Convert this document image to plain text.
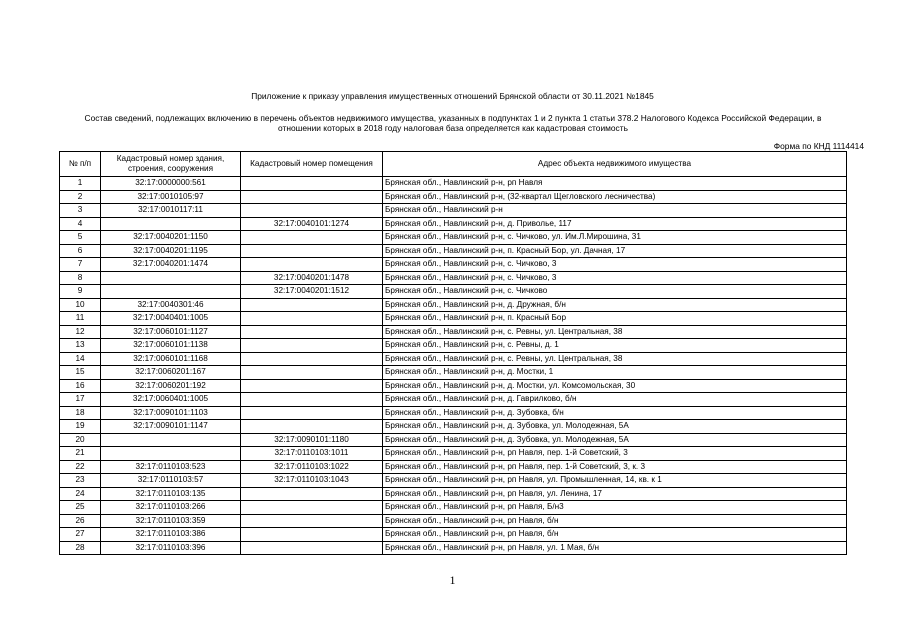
Приложение к приказу управления имущественных отношений Брянской области от 30.11.2021 №1845
Состав сведений, подлежащих включению в перечень объектов недвижимого имущества, указанных в подпунктах 1 и 2 пункта 1 статьи 378.2 Налогового Кодекса Российской Федерации, в отношении которых в 2018 году налоговая база определяется как кадастровая стоимость
Форма по КНД 1114414
№ п/п	Кадастровый номер здания, строения, сооружения	Кадастровый номер помещения	Адрес объекта недвижимого имущества
1	32:17:0000000:561		Брянская обл., Навлинский р-н, рп Навля
2	32:17:0010105:97		Брянская обл., Навлинский р-н, (32-квартал Щегловского лесничества)
3	32:17:0010117:11		Брянская обл., Навлинский р-н
4		32:17:0040101:1274	Брянская обл., Навлинский р-н, д. Приволье, 117
5	32:17:0040201:1150		Брянская обл., Навлинский р-н, с. Чичково, ул. Им.Л.Мирошина, 31
6	32:17:0040201:1195		Брянская обл., Навлинский р-н, п. Красный Бор, ул. Дачная, 17
7	32:17:0040201:1474		Брянская обл., Навлинский р-н, с. Чичково, 3
8		32:17:0040201:1478	Брянская обл., Навлинский р-н, с. Чичково, 3
9		32:17:0040201:1512	Брянская обл., Навлинский р-н, с. Чичково
10	32:17:0040301:46		Брянская обл., Навлинский р-н, д. Дружная, б/н
11	32:17:0040401:1005		Брянская обл., Навлинский р-н, п. Красный Бор
12	32:17:0060101:1127		Брянская обл., Навлинский р-н, с. Ревны, ул. Центральная, 38
13	32:17:0060101:1138		Брянская обл., Навлинский р-н, с. Ревны, д. 1
14	32:17:0060101:1168		Брянская обл., Навлинский р-н, с. Ревны, ул. Центральная, 38
15	32:17:0060201:167		Брянская обл., Навлинский р-н, д. Мостки, 1
16	32:17:0060201:192		Брянская обл., Навлинский р-н, д. Мостки, ул. Комсомольская, 30
17	32:17:0060401:1005		Брянская обл., Навлинский р-н, д. Гаврилково, б/н
18	32:17:0090101:1103		Брянская обл., Навлинский р-н, д. Зубовка, б/н
19	32:17:0090101:1147		Брянская обл., Навлинский р-н, д. Зубовка, ул. Молодежная, 5А
20		32:17:0090101:1180	Брянская обл., Навлинский р-н, д. Зубовка, ул. Молодежная, 5А
21		32:17:0110103:1011	Брянская обл., Навлинский р-н, рп Навля, пер. 1-й Советский, 3
22	32:17:0110103:523	32:17:0110103:1022	Брянская обл., Навлинский р-н, рп Навля, пер. 1-й Советский, 3, к. 3
23	32:17:0110103:57	32:17:0110103:1043	Брянская обл., Навлинский р-н, рп Навля, ул. Промышленная, 14, кв. к 1
24	32:17:0110103:135		Брянская обл., Навлинский р-н, рп Навля, ул. Ленина, 17
25	32:17:0110103:266		Брянская обл., Навлинский р-н, рп Навля, Б/н3
26	32:17:0110103:359		Брянская обл., Навлинский р-н, рп Навля, б/н
27	32:17:0110103:386		Брянская обл., Навлинский р-н, рп Навля, б/н
28	32:17:0110103:396		Брянская обл., Навлинский р-н, рп Навля, ул. 1 Мая, б/н
1
